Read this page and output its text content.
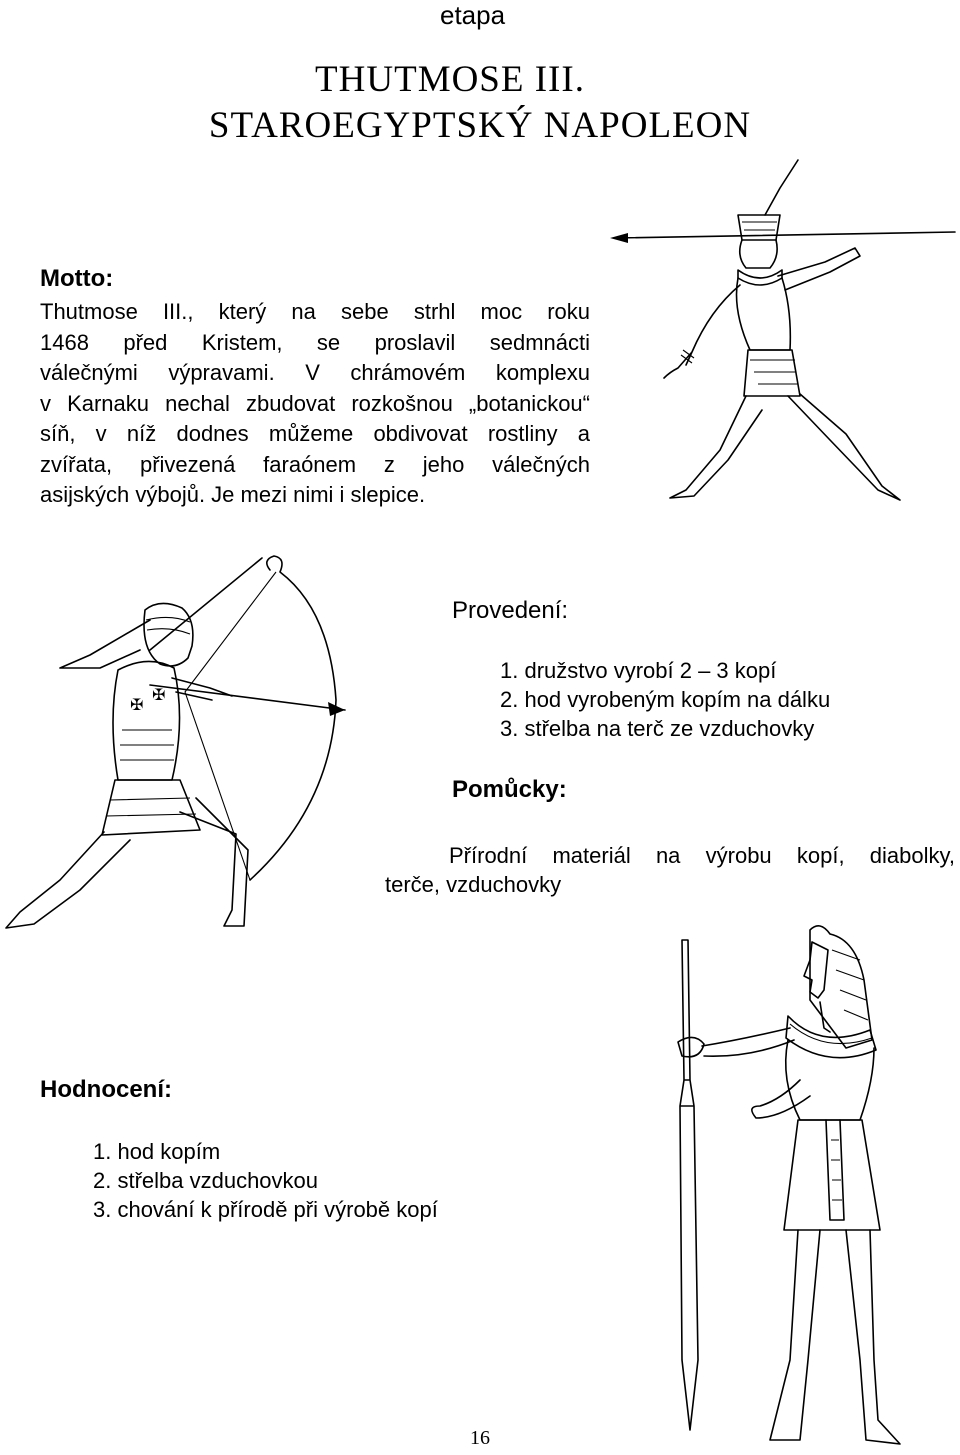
etapa
THUTMOSE III.
STAROEGYPTSKÝ NAPOLEON
Motto:
Thutmose III., který na sebe strhl moc roku
1468 před Kristem, se proslavil sedmnácti
válečnými výpravami. V chrámovém komplexu
v Karnaku nechal zbudovat rozkošnou „botanickou“
síň, v níž dodnes můžeme obdivovat rostliny a
zvířata, přivezená faraónem z jeho válečných
asijských výbojů. Je mezi nimi i slepice.
Provedení:
1. družstvo vyrobí 2 – 3 kopí
2. hod vyrobeným kopím na dálku
3. střelba na terč ze vzduchovky
Pomůcky:
Přírodní materiál na výrobu kopí, diabolky,
terče, vzduchovky
Hodnocení:
1. hod kopím
2. střelba vzduchovkou
3. chování k přírodě při výrobě kopí
16
✠
✠
